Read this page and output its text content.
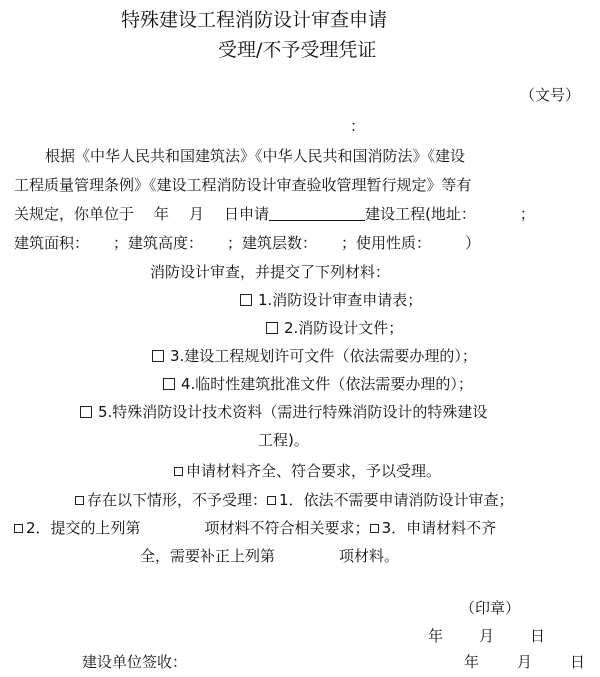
特殊建设工程消防设计审查申请
受理/不予受理凭证
（文号）
：
根据《中华人民共和国建筑法》《中华人民共和国消防法》《建设
工程质量管理条例》《建设工程消防设计审查验收管理暂行规定》等有
关规定，你单位于 年 月 日申请	建设工程(地址：	；
建筑面积： ；建筑高度： ；建筑层数： ；使用性质： ）
消防设计审查，并提交了下列材料：
1.消防设计审查申请表；
2.消防设计文件；
3.建设工程规划许可文件（依法需要办理的）；
4.临时性建筑批准文件（依法需要办理的）；
5.特殊消防设计技术资料（需进行特殊消防设计的特殊建设
工程)。
申请材料齐全、符合要求，予以受理。
存在以下情形，不予受理： 1．依法不需要申请消防设计审查；
2．提交的上列第	项材料不符合相关要求； 3．申请材料不齐
全，需要补正上列第	项材料。
（印章）
年 月 日
建设单位签收：	年	月	日
